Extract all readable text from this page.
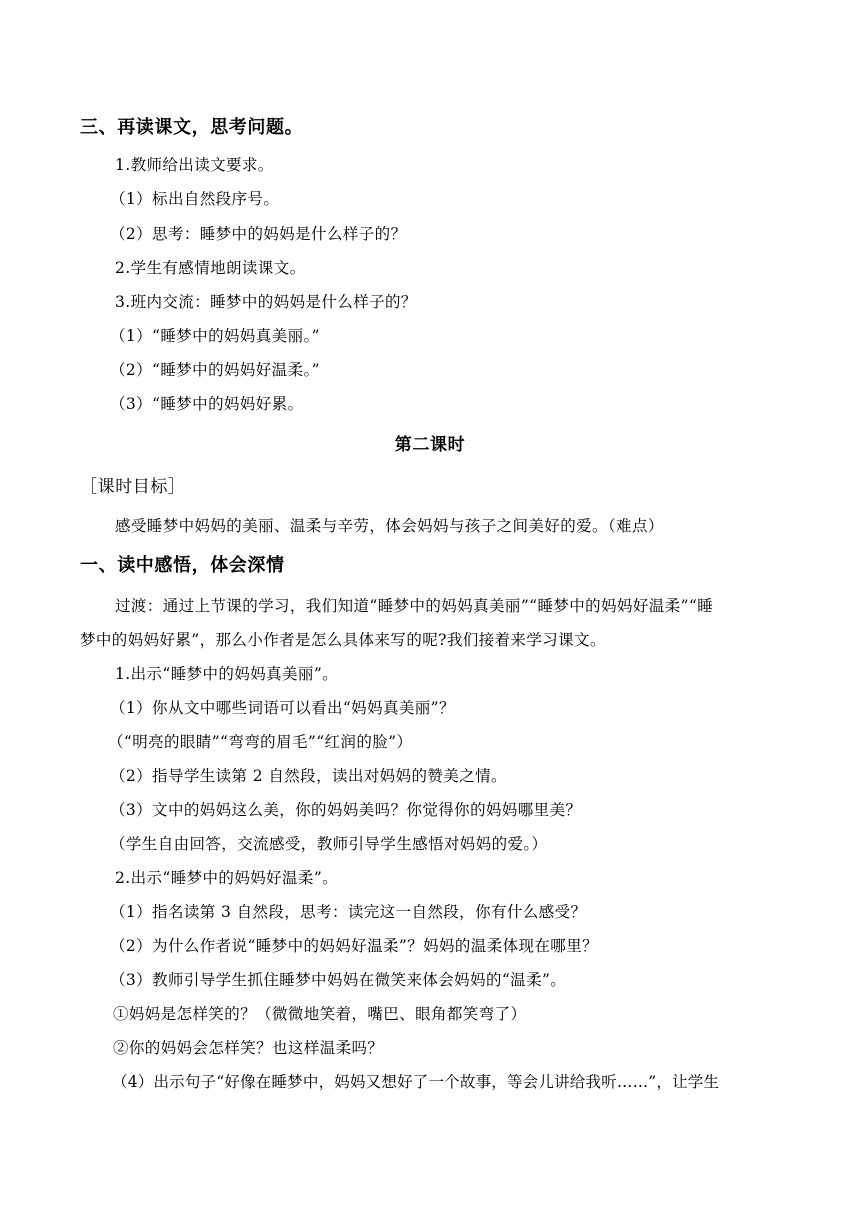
三、再读课文，思考问题。
1.教师给出读文要求。
（1）标出自然段序号。
（2）思考：睡梦中的妈妈是什么样子的？
2.学生有感情地朗读课文。
3.班内交流：睡梦中的妈妈是什么样子的？
（1）“睡梦中的妈妈真美丽。”
（2）“睡梦中的妈妈好温柔。”
（3）“睡梦中的妈妈好累。
第二课时
［课时目标］
感受睡梦中妈妈的美丽、温柔与辛劳，体会妈妈与孩子之间美好的爱。（难点）
一、读中感悟，体会深情
过渡：通过上节课的学习，我们知道“睡梦中的妈妈真美丽”“睡梦中的妈妈好温柔”“睡
梦中的妈妈好累”，那么小作者是怎么具体来写的呢?我们接着来学习课文。
1.出示“睡梦中的妈妈真美丽”。
（1）你从文中哪些词语可以看出“妈妈真美丽”？
（“明亮的眼睛”“弯弯的眉毛”“红润的脸”）
（2）指导学生读第 2 自然段，读出对妈妈的赞美之情。
（3）文中的妈妈这么美，你的妈妈美吗？你觉得你的妈妈哪里美？
（学生自由回答，交流感受，教师引导学生感悟对妈妈的爱。）
2.出示“睡梦中的妈妈好温柔”。
（1）指名读第 3 自然段，思考：读完这一自然段，你有什么感受？
（2）为什么作者说“睡梦中的妈妈好温柔”？妈妈的温柔体现在哪里？
（3）教师引导学生抓住睡梦中妈妈在微笑来体会妈妈的“温柔”。
①妈妈是怎样笑的？（微微地笑着，嘴巴、眼角都笑弯了）
②你的妈妈会怎样笑？也这样温柔吗？
（4）出示句子“好像在睡梦中，妈妈又想好了一个故事，等会儿讲给我听……”，让学生
